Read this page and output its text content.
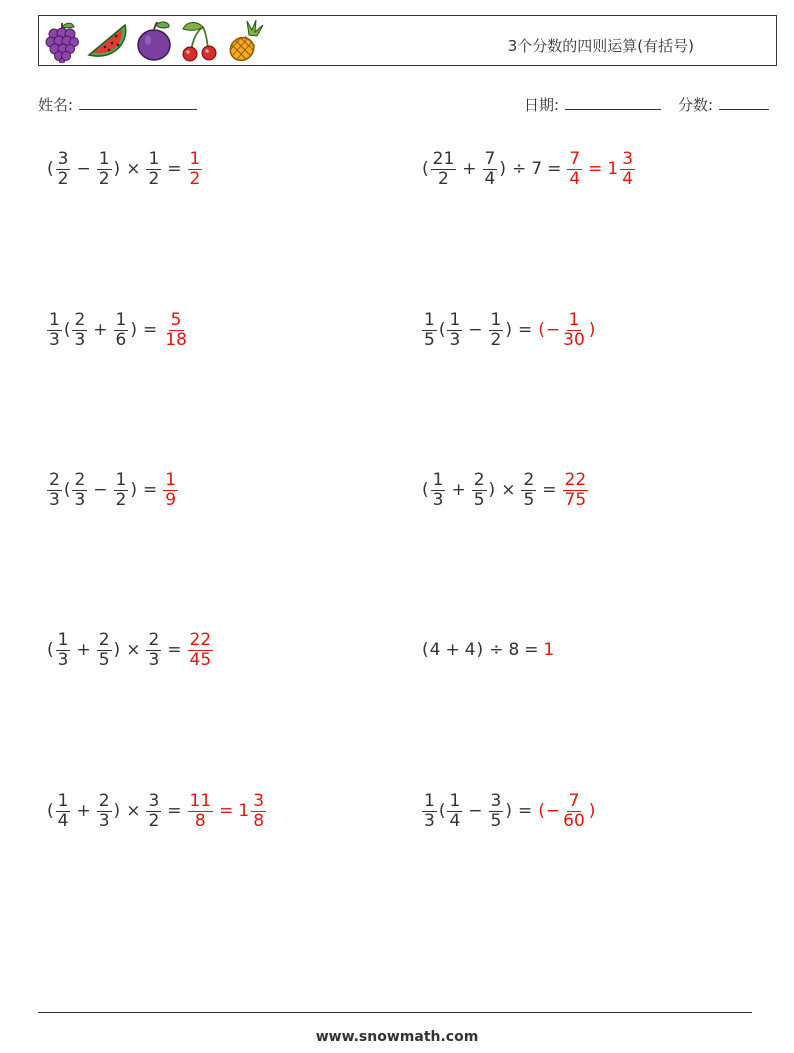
3个分数的四则运算(有括号)
姓名:	日期:	分数:
( $\frac{3}{2} - \frac{1}{2}$ ) × $\frac{1}{2} = \frac{1}{2}$	( $\frac{21}{2} + \frac{7}{4}$ ) ÷ $7 = \frac{7}{4} = 1 \frac{3}{4}$
$\frac{1}{3}$ ( $\frac{2}{3} + \frac{1}{6}$ ) = $\frac{5}{18}$	$\frac{1}{5}$ ( $\frac{1}{3} - \frac{1}{2}$ ) = ( − $\frac{1}{30}$ )
$\frac{2}{3}$ ( $\frac{2}{3} - \frac{1}{2}$ ) = $\frac{1}{9}$	( $\frac{1}{3} + \frac{2}{5}$ ) × $\frac{2}{5} = \frac{22}{75}$
( $\frac{1}{3} + \frac{2}{5}$ ) × $\frac{2}{3} = \frac{22}{45}$	( 4 + 4 ) ÷ 8 = 1
( $\frac{1}{4} + \frac{2}{3}$ ) × $\frac{3}{2} = \frac{11}{8} = 1 \frac{3}{8}$	$\frac{1}{3}$ ( $\frac{1}{4} - \frac{3}{5}$ ) = ( − $\frac{7}{60}$ )
www.snowmath.com
